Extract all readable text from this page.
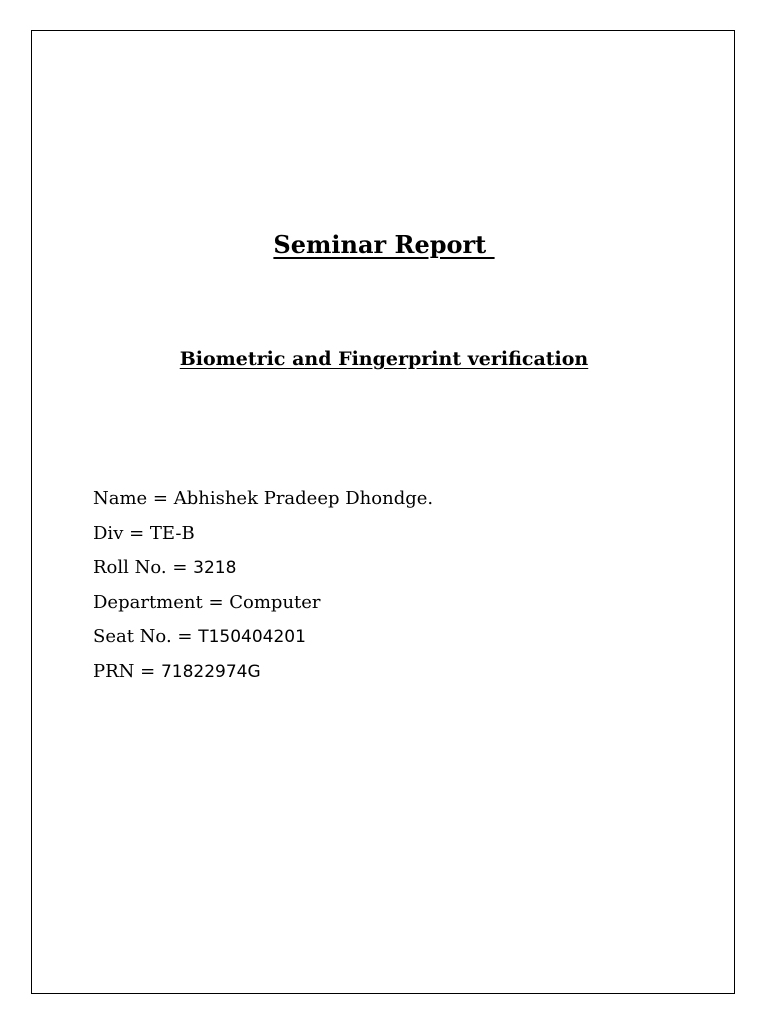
Seminar Report
Biometric and Fingerprint verification
Name = Abhishek Pradeep Dhondge.
Div = TE-B
Roll No. = 3218
Department = Computer
Seat No. = T150404201
PRN = 71822974G
